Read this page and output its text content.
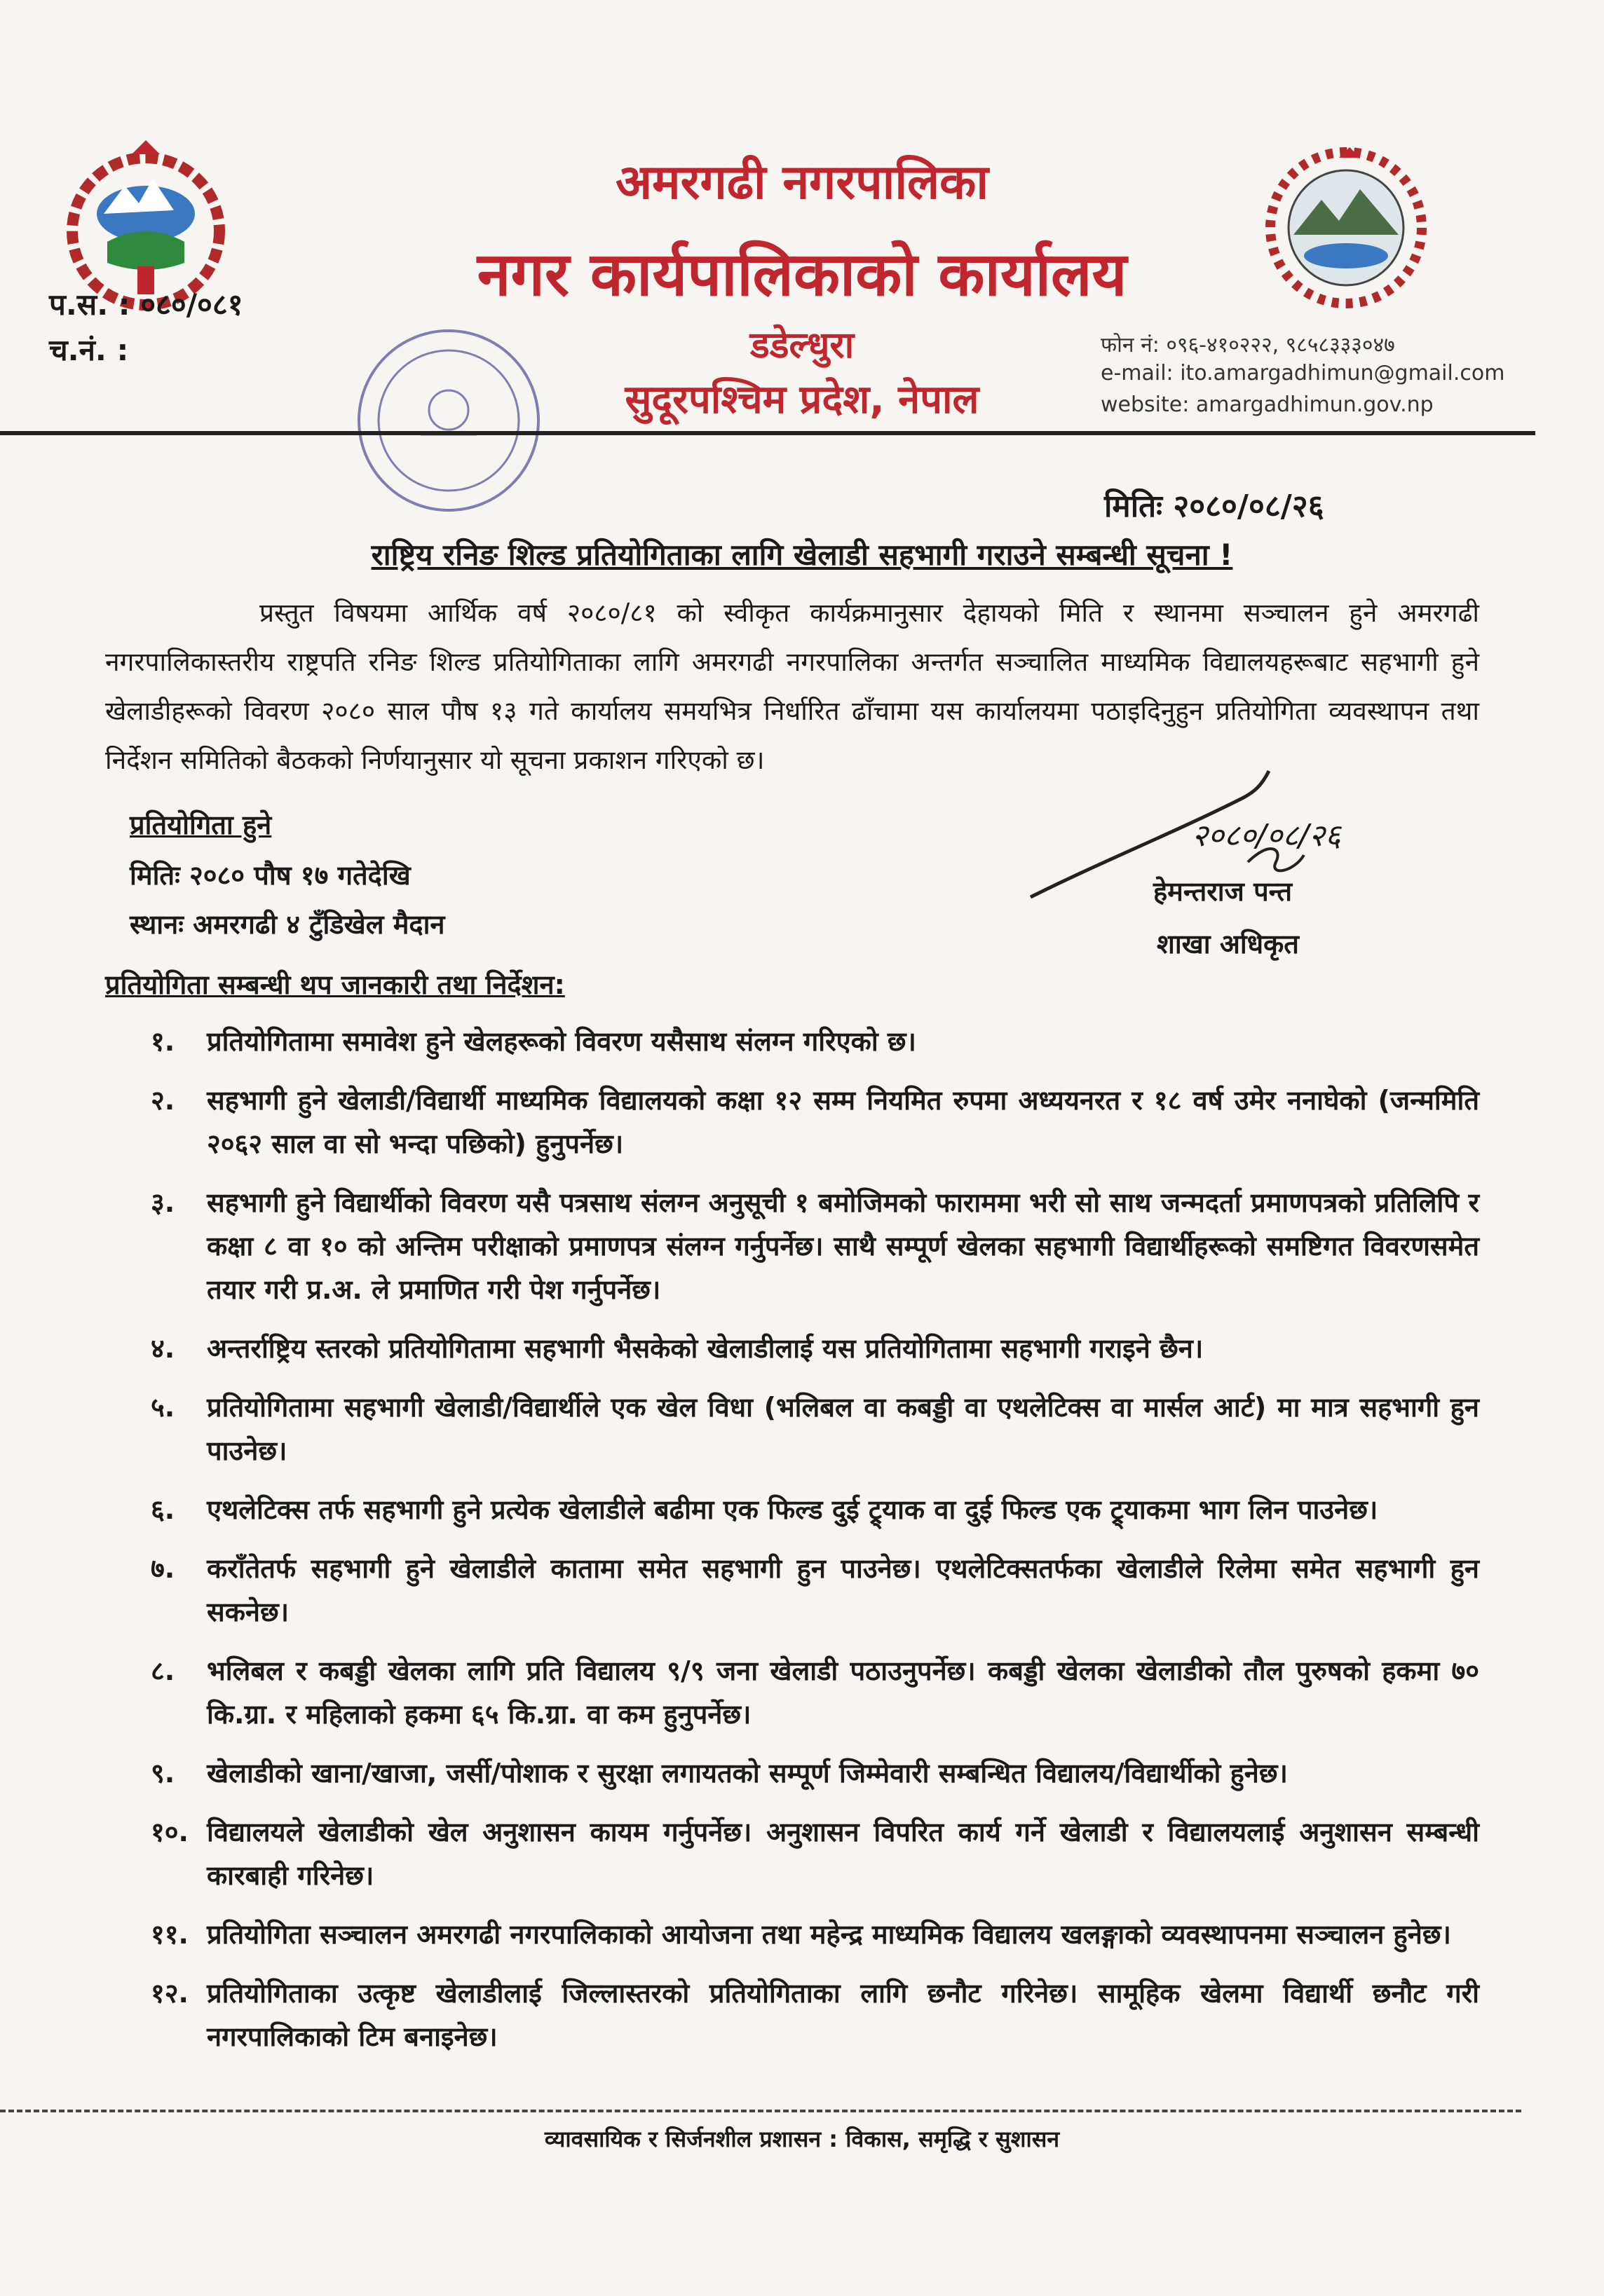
अमरगढी नगरपालिका
नगर कार्यपालिकाको कार्यालय
डडेल्धुरा
सुदूरपश्चिम प्रदेश, नेपाल
प.स. : ०८०/०८१
च.नं. :	फोन नं: ०९६-४१०२२२, ९८५८३३३०४७
e-mail: ito.amargadhimun@gmail.com
website: amargadhimun.gov.np
मितिः २०८०/०८/२६
राष्ट्रिय रनिङ शिल्ड प्रतियोगिताका लागि खेलाडी सहभागी गराउने सम्बन्धी सूचना !
प्रस्तुत विषयमा आर्थिक वर्ष २०८०/८१ को स्वीकृत कार्यक्रमानुसार देहायको मिति र स्थानमा सञ्चालन हुने अमरगढी नगरपालिकास्तरीय राष्ट्रपति रनिङ शिल्ड प्रतियोगिताका लागि अमरगढी नगरपालिका अन्तर्गत सञ्चालित माध्यमिक विद्यालयहरूबाट सहभागी हुने खेलाडीहरूको विवरण २०८० साल पौष १३ गते कार्यालय समयभित्र निर्धारित ढाँचामा यस कार्यालयमा पठाइदिनुहुन प्रतियोगिता व्यवस्थापन तथा निर्देशन समितिको बैठकको निर्णयानुसार यो सूचना प्रकाशन गरिएको छ।
प्रतियोगिता हुने
मितिः २०८० पौष १७ गतेदेखि
स्थानः अमरगढी ४ टुँडिखेल मैदान
२०८०/०८/२६
हेमन्तराज पन्त
शाखा अधिकृत
प्रतियोगिता सम्बन्धी थप जानकारी तथा निर्देशन:
१.	प्रतियोगितामा समावेश हुने खेलहरूको विवरण यसैसाथ संलग्न गरिएको छ।
२.	सहभागी हुने खेलाडी/विद्यार्थी माध्यमिक विद्यालयको कक्षा १२ सम्म नियमित रुपमा अध्ययनरत र १८ वर्ष उमेर ननाघेको (जन्ममिति २०६२ साल वा सो भन्दा पछिको) हुनुपर्नेछ।
३.	सहभागी हुने विद्यार्थीको विवरण यसै पत्रसाथ संलग्न अनुसूची १ बमोजिमको फाराममा भरी सो साथ जन्मदर्ता प्रमाणपत्रको प्रतिलिपि र कक्षा ८ वा १० को अन्तिम परीक्षाको प्रमाणपत्र संलग्न गर्नुपर्नेछ। साथै सम्पूर्ण खेलका सहभागी विद्यार्थीहरूको समष्टिगत विवरणसमेत तयार गरी प्र.अ. ले प्रमाणित गरी पेश गर्नुपर्नेछ।
४.	अन्तर्राष्ट्रिय स्तरको प्रतियोगितामा सहभागी भैसकेको खेलाडीलाई यस प्रतियोगितामा सहभागी गराइने छैन।
५.	प्रतियोगितामा सहभागी खेलाडी/विद्यार्थीले एक खेल विधा (भलिबल वा कबड्डी वा एथलेटिक्स वा मार्सल आर्ट) मा मात्र सहभागी हुन पाउनेछ।
६.	एथलेटिक्स तर्फ सहभागी हुने प्रत्येक खेलाडीले बढीमा एक फिल्ड दुई ट्र्याक वा दुई फिल्ड एक ट्र्याकमा भाग लिन पाउनेछ।
७.	कराँतेतर्फ सहभागी हुने खेलाडीले कातामा समेत सहभागी हुन पाउनेछ। एथलेटिक्सतर्फका खेलाडीले रिलेमा समेत सहभागी हुन सकनेछ।
८.	भलिबल र कबड्डी खेलका लागि प्रति विद्यालय ९/९ जना खेलाडी पठाउनुपर्नेछ। कबड्डी खेलका खेलाडीको तौल पुरुषको हकमा ७० कि.ग्रा. र महिलाको हकमा ६५ कि.ग्रा. वा कम हुनुपर्नेछ।
९.	खेलाडीको खाना/खाजा, जर्सी/पोशाक र सुरक्षा लगायतको सम्पूर्ण जिम्मेवारी सम्बन्धित विद्यालय/विद्यार्थीको हुनेछ।
१०. विद्यालयले खेलाडीको खेल अनुशासन कायम गर्नुपर्नेछ। अनुशासन विपरित कार्य गर्ने खेलाडी र विद्यालयलाई अनुशासन सम्बन्धी कारबाही गरिनेछ।
११. प्रतियोगिता सञ्चालन अमरगढी नगरपालिकाको आयोजना तथा महेन्द्र माध्यमिक विद्यालय खलङ्गाको व्यवस्थापनमा सञ्चालन हुनेछ।
१२. प्रतियोगिताका उत्कृष्ट खेलाडीलाई जिल्लास्तरको प्रतियोगिताका लागि छनौट गरिनेछ। सामूहिक खेलमा विद्यार्थी छनौट गरी नगरपालिकाको टिम बनाइनेछ।
व्यावसायिक र सिर्जनशील प्रशासन : विकास, समृद्धि र सुशासन
